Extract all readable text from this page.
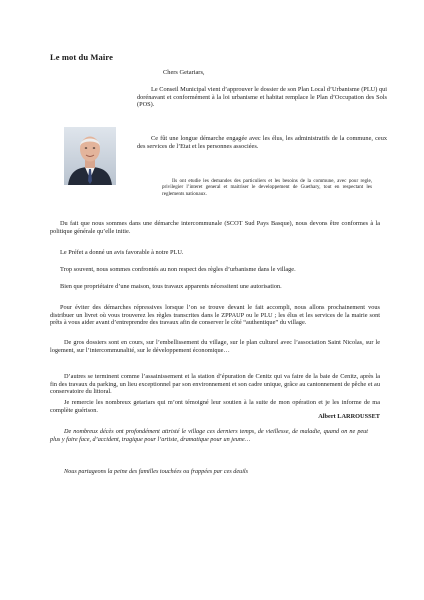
Le mot du Maire
Chers Getariars,

Le Conseil Municipal vient d’approuver le dossier de son Plan Local d’Urbanisme (PLU) qui dorénavant et conformément à la loi urbanisme et habitat remplace le Plan d’Occupation des Sols (POS).

Ce fût une longue démarche engagée avec les élus, les administratifs de la commune, ceux des services de l’Etat et les personnes associées.

Ils ont etudie les demandes des particuliers et les besoins de la commune, avec pour regle, privilegier l’interet general et maitriser le developpement de Guethary, tout en respectant les reglements nationaux.

Du fait que nous sommes dans une démarche intercommunale (SCOT Sud Pays Basque), nous devons être conformes à la politique générale qu’elle initie.

Le Préfet a donné un avis favorable à notre PLU.

Trop souvent, nous sommes confrontés au non respect des règles d’urbanisme dans le village.

Bien que propriétaire d’une maison, tous travaux apparents nécessitent une autorisation.

Pour éviter des démarches répressives lorsque l’on se trouve devant le fait accompli, nous allons prochainement vous distribuer un livret où vous trouverez les règles transcrites dans le ZPPAUP ou le PLU ; les élus et les services de la mairie sont prêts à vous aider avant d’entreprendre des travaux afin de conserver le côté “authentique” du village.

De gros dossiers sont en cours, sur l’embellissement du village, sur le plan culturel avec l’association Saint Nicolas, sur le logement, sur l’intercommunalité, sur le développement économique…

D’autres se terminent comme l’assainissement et la station d’épuration de Cenitz qui va faire de la baie de Cenitz, après la fin des travaux du parking, un lieu exceptionnel par son environnement et son cadre unique, grâce au cantonnement de pêche et au conservatoire du littoral.

Je remercie les nombreux getariars qui m’ont témoigné leur soutien à la suite de mon opération et je les informe de ma complète guérison.

Albert LARROUSSET

De nombreux décès ont profondément attristé le village ces derniers temps, de vieillesse, de maladie, quand on ne peut plus y faire face, d’accident, tragique pour l’artiste, dramatique pour un jeune…

Nous partageons la peine des familles touchées ou frappées par ces deuils
